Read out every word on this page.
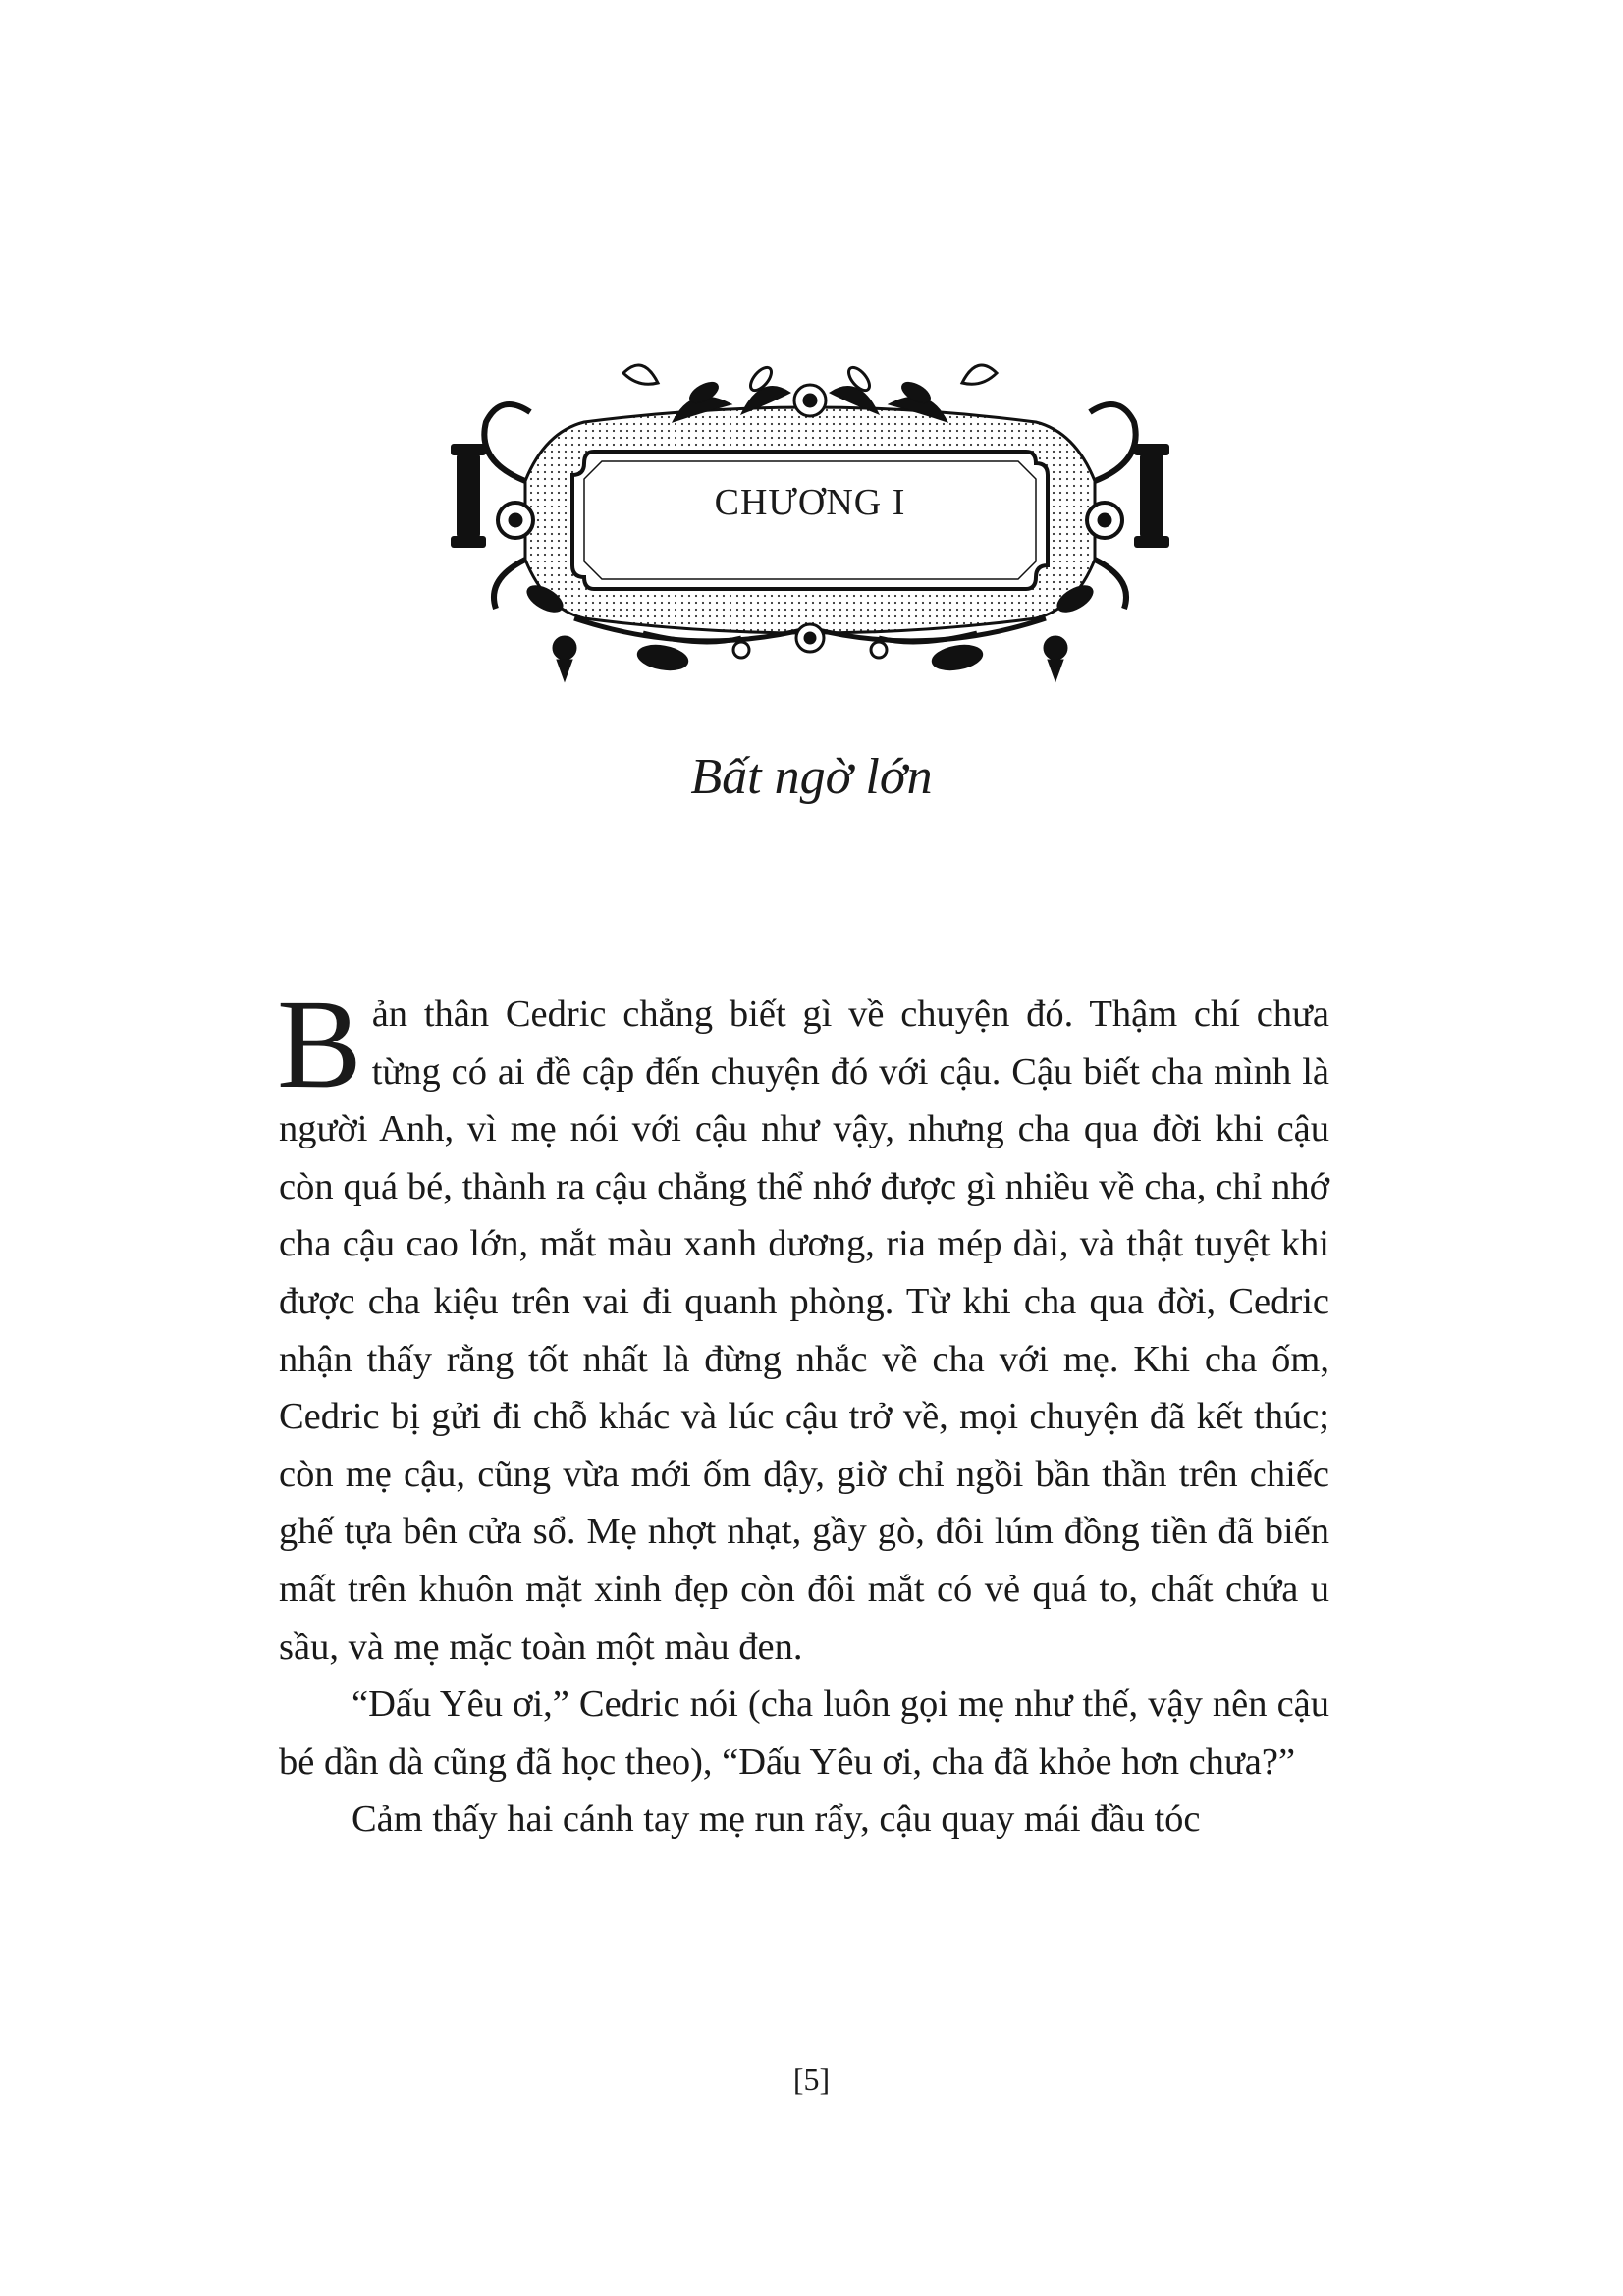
CHƯƠNG I
Bất ngờ lớn

Bản thân Cedric chẳng biết gì về chuyện đó. Thậm chí chưa từng có ai đề cập đến chuyện đó với cậu. Cậu biết cha mình là người Anh, vì mẹ nói với cậu như vậy, nhưng cha qua đời khi cậu còn quá bé, thành ra cậu chẳng thể nhớ được gì nhiều về cha, chỉ nhớ cha cậu cao lớn, mắt màu xanh dương, ria mép dài, và thật tuyệt khi được cha kiệu trên vai đi quanh phòng. Từ khi cha qua đời, Cedric nhận thấy rằng tốt nhất là đừng nhắc về cha với mẹ. Khi cha ốm, Cedric bị gửi đi chỗ khác và lúc cậu trở về, mọi chuyện đã kết thúc; còn mẹ cậu, cũng vừa mới ốm dậy, giờ chỉ ngồi bần thần trên chiếc ghế tựa bên cửa sổ. Mẹ nhợt nhạt, gầy gò, đôi lúm đồng tiền đã biến mất trên khuôn mặt xinh đẹp còn đôi mắt có vẻ quá to, chất chứa u sầu, và mẹ mặc toàn một màu đen.

“Dấu Yêu ơi,” Cedric nói (cha luôn gọi mẹ như thế, vậy nên cậu bé dần dà cũng đã học theo), “Dấu Yêu ơi, cha đã khỏe hơn chưa?”

Cảm thấy hai cánh tay mẹ run rẩy, cậu quay mái đầu tóc

[5]
